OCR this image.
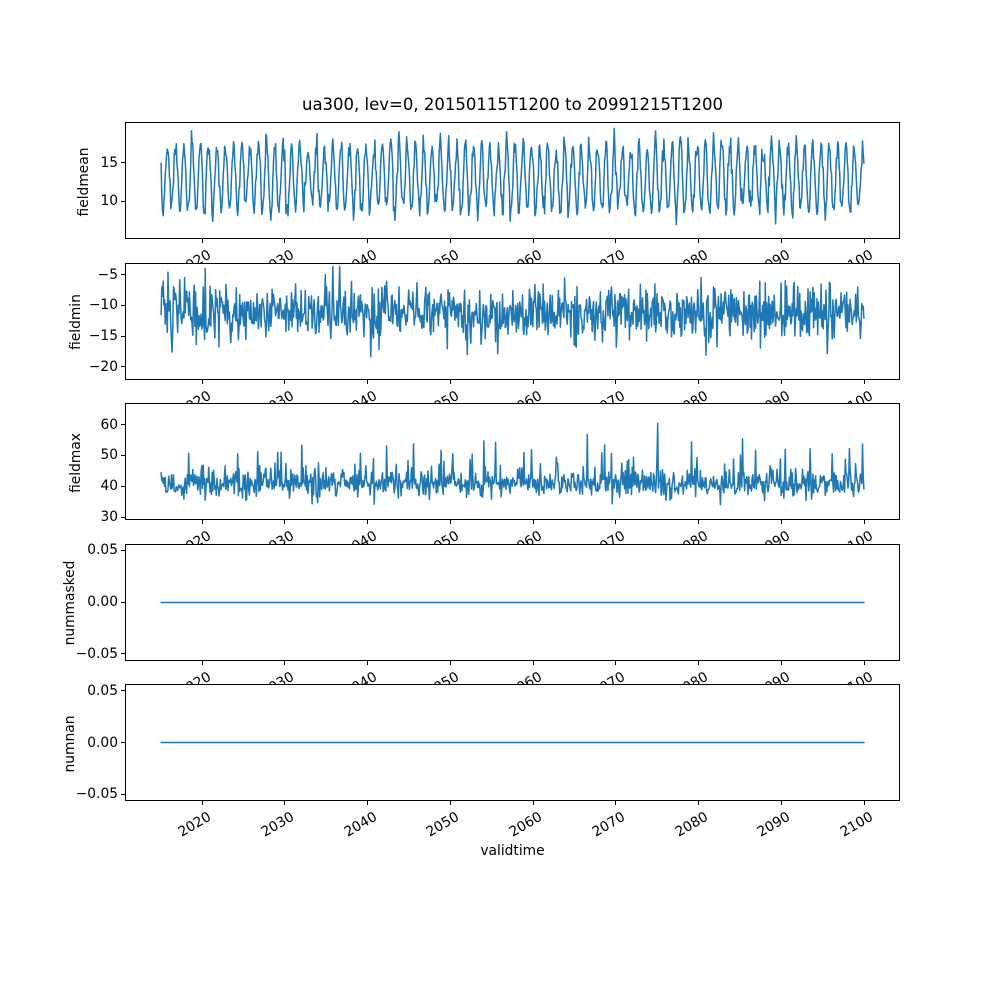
ua300, lev=0, 20150115T1200 to 20991215T1200
validtime
fieldmean 15
10
fieldmin
−5
−10
−15
−20
fieldmax
60
50
40
30
nummasked
0.05
0.00
−0.05
numnan
0.05
0.00
−0.05
2020	2030	2040	2050	2060	2070	2080	2090	2100
